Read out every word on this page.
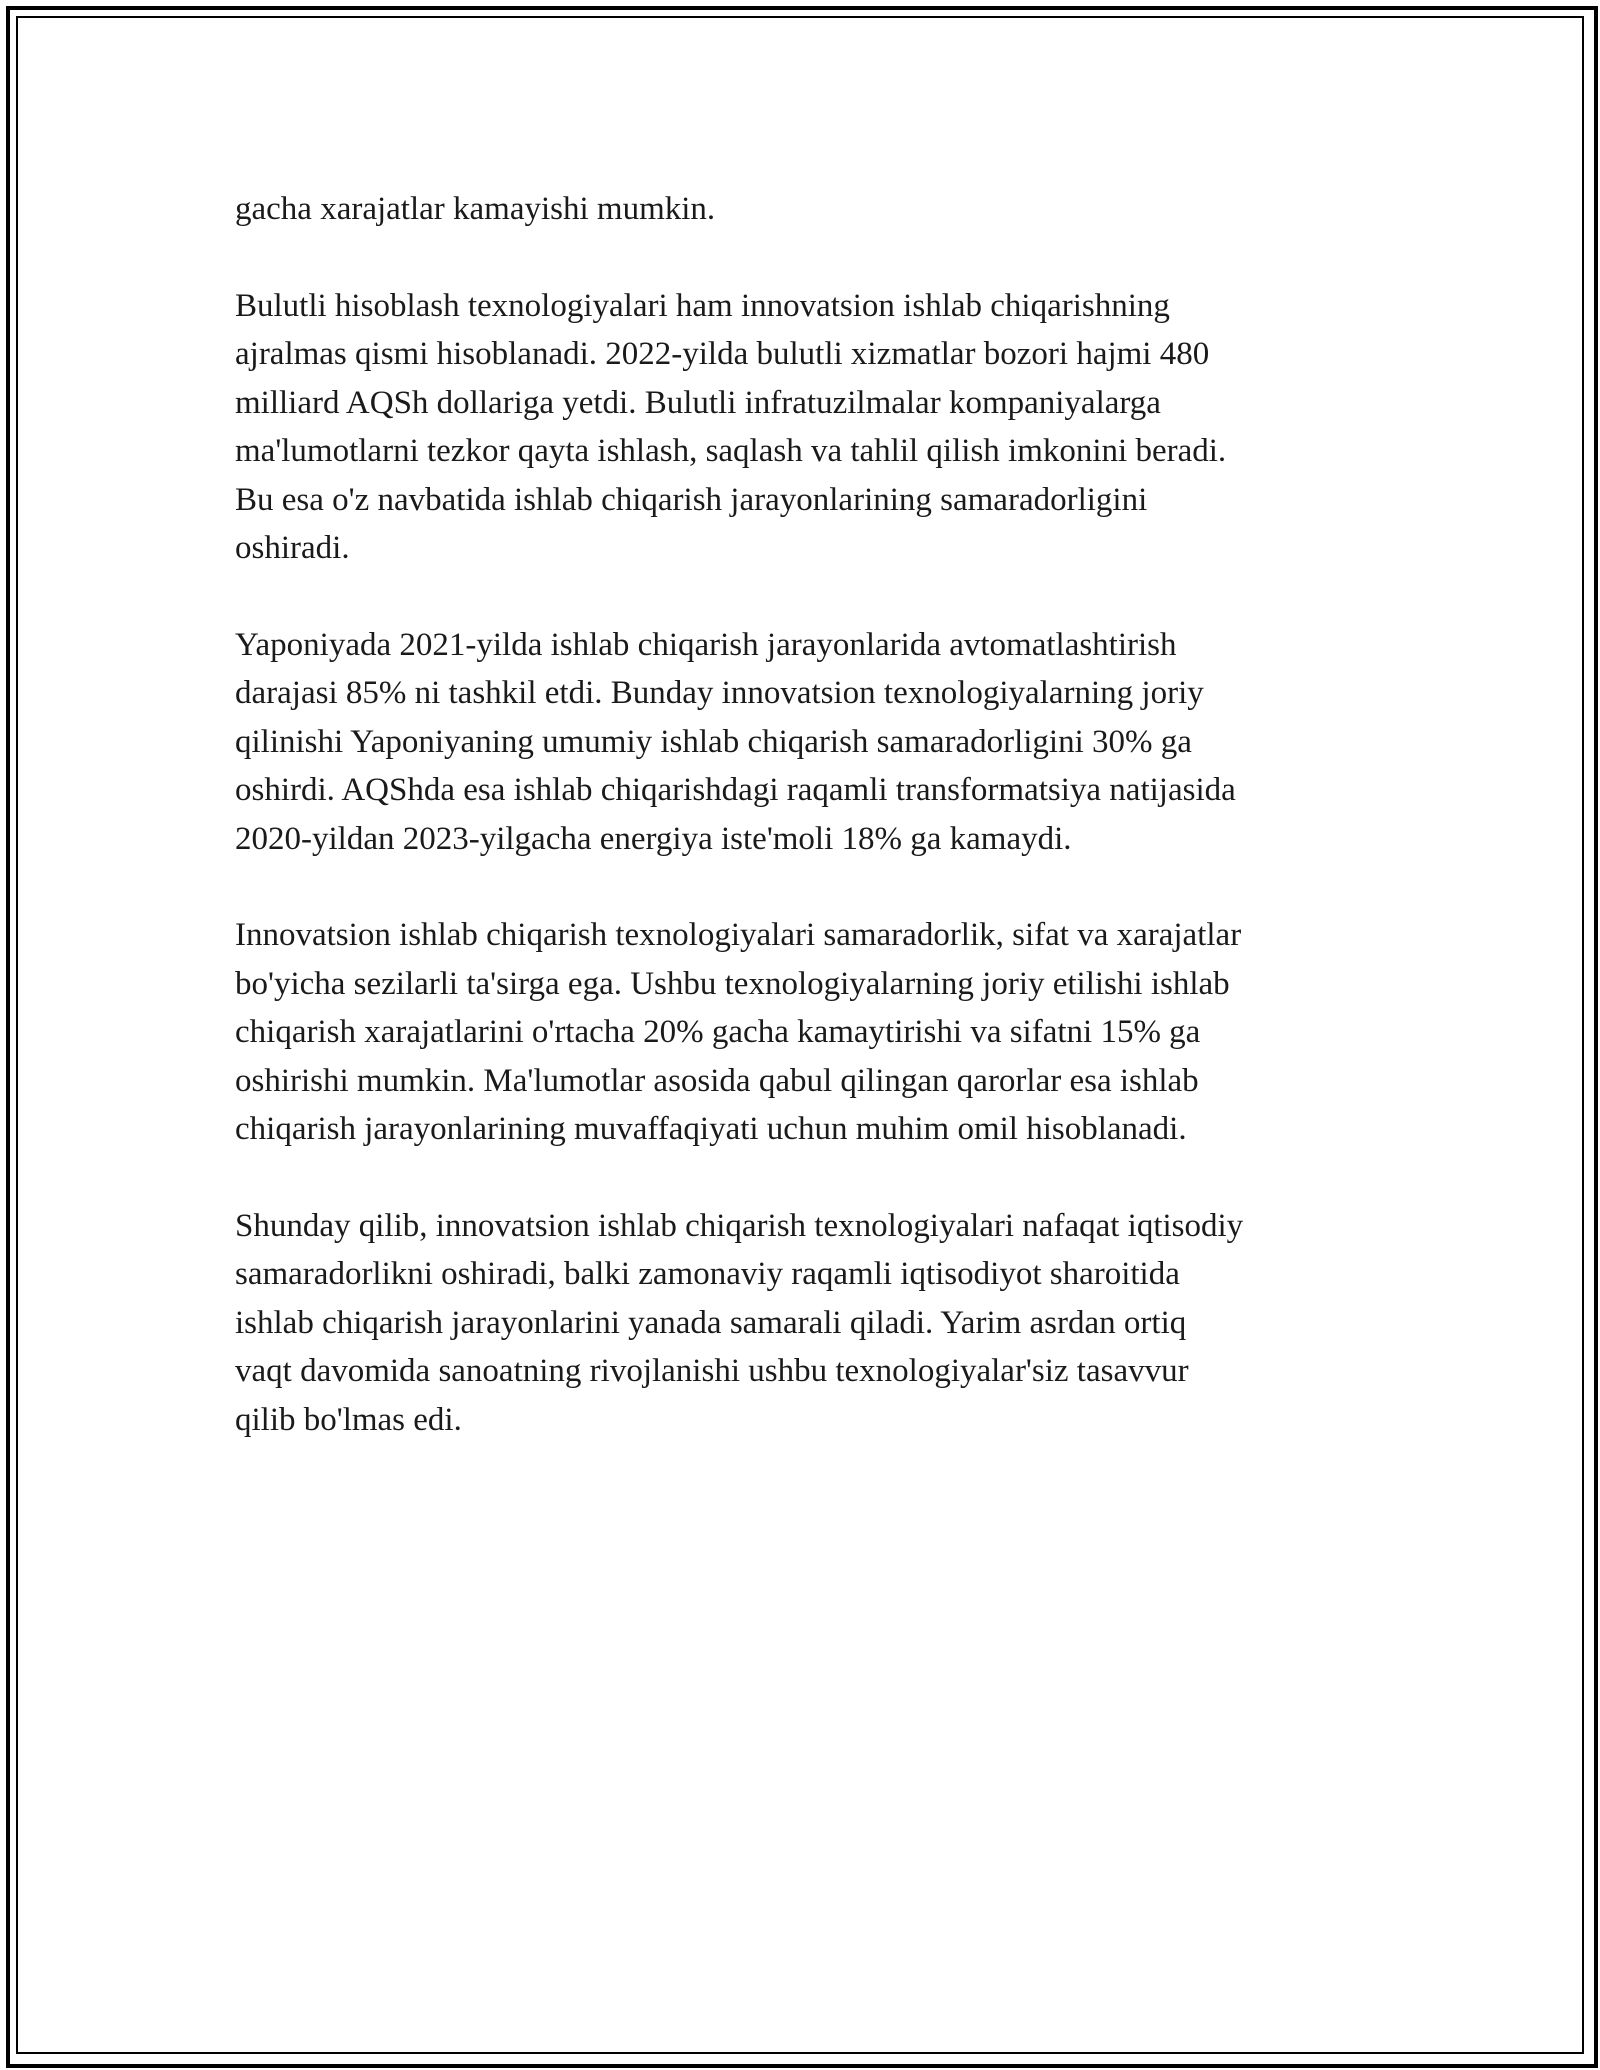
gacha xarajatlar kamayishi mumkin.

Bulutli hisoblash texnologiyalari ham innovatsion ishlab chiqarishning
ajralmas qismi hisoblanadi. 2022-yilda bulutli xizmatlar bozori hajmi 480
milliard AQSh dollariga yetdi. Bulutli infratuzilmalar kompaniyalarga
ma'lumotlarni tezkor qayta ishlash, saqlash va tahlil qilish imkonini beradi.
Bu esa o'z navbatida ishlab chiqarish jarayonlarining samaradorligini
oshiradi.

Yaponiyada 2021-yilda ishlab chiqarish jarayonlarida avtomatlashtirish
darajasi 85% ni tashkil etdi. Bunday innovatsion texnologiyalarning joriy
qilinishi Yaponiyaning umumiy ishlab chiqarish samaradorligini 30% ga
oshirdi. AQShda esa ishlab chiqarishdagi raqamli transformatsiya natijasida
2020-yildan 2023-yilgacha energiya iste'moli 18% ga kamaydi.

Innovatsion ishlab chiqarish texnologiyalari samaradorlik, sifat va xarajatlar
bo'yicha sezilarli ta'sirga ega. Ushbu texnologiyalarning joriy etilishi ishlab
chiqarish xarajatlarini o'rtacha 20% gacha kamaytirishi va sifatni 15% ga
oshirishi mumkin. Ma'lumotlar asosida qabul qilingan qarorlar esa ishlab
chiqarish jarayonlarining muvaffaqiyati uchun muhim omil hisoblanadi.

Shunday qilib, innovatsion ishlab chiqarish texnologiyalari nafaqat iqtisodiy
samaradorlikni oshiradi, balki zamonaviy raqamli iqtisodiyot sharoitida
ishlab chiqarish jarayonlarini yanada samarali qiladi. Yarim asrdan ortiq
vaqt davomida sanoatning rivojlanishi ushbu texnologiyalar'siz tasavvur
qilib bo'lmas edi.
